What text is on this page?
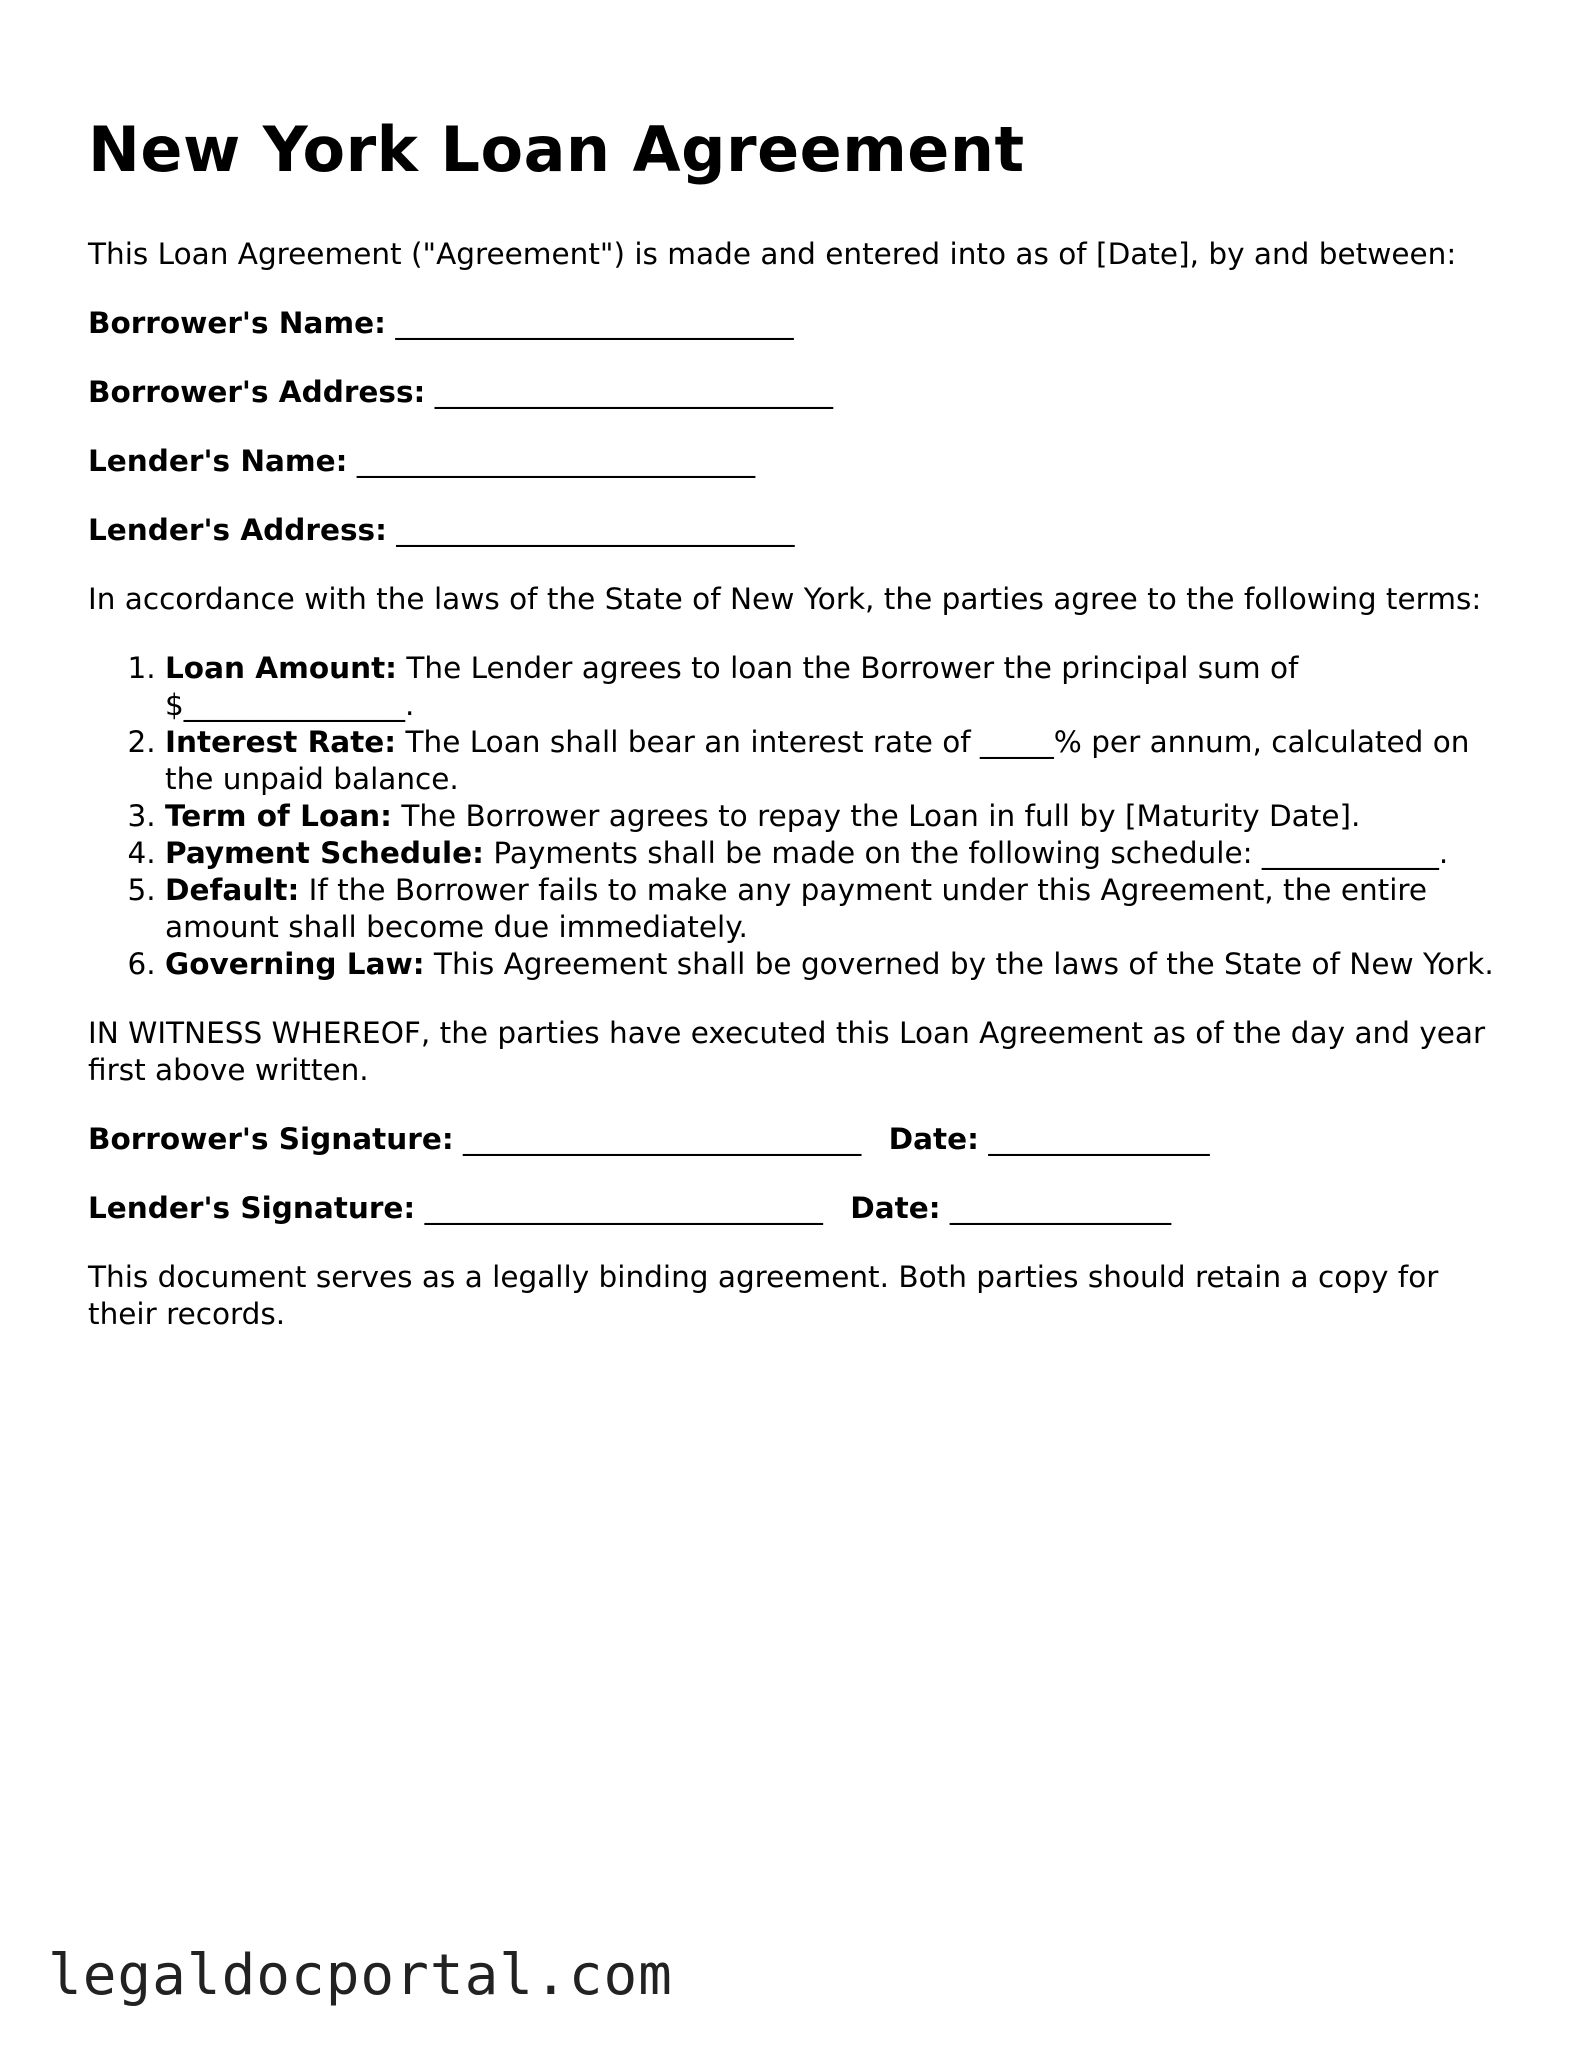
New York Loan Agreement

This Loan Agreement ("Agreement") is made and entered into as of [Date], by and between:

Borrower's Name: ___________________________
Borrower's Address: ___________________________
Lender's Name: ___________________________
Lender's Address: ___________________________

In accordance with the laws of the State of New York, the parties agree to the following terms:

1. Loan Amount: The Lender agrees to loan the Borrower the principal sum of $_______________.
2. Interest Rate: The Loan shall bear an interest rate of _____% per annum, calculated on the unpaid balance.
3. Term of Loan: The Borrower agrees to repay the Loan in full by [Maturity Date].
4. Payment Schedule: Payments shall be made on the following schedule: ____________.
5. Default: If the Borrower fails to make any payment under this Agreement, the entire amount shall become due immediately.
6. Governing Law: This Agreement shall be governed by the laws of the State of New York.

IN WITNESS WHEREOF, the parties have executed this Loan Agreement as of the day and year first above written.

Borrower's Signature: ___________________________ Date: _______________
Lender's Signature: ___________________________ Date: _______________

This document serves as a legally binding agreement. Both parties should retain a copy for their records.

legaldocportal.com
